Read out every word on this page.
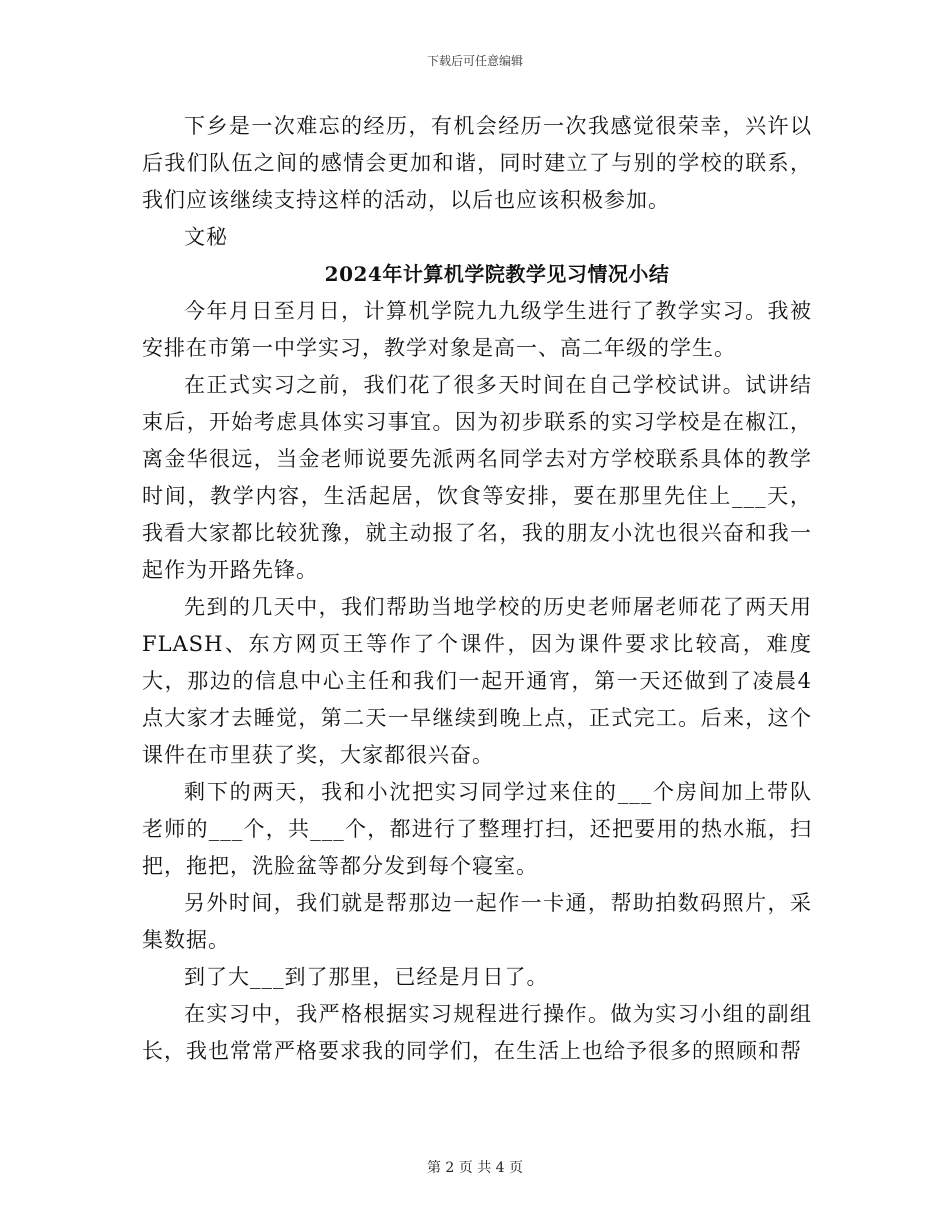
下载后可任意编辑

下乡是一次难忘的经历，有机会经历一次我感觉很荣幸，兴许以后我们队伍之间的感情会更加和谐，同时建立了与别的学校的联系，我们应该继续支持这样的活动，以后也应该积极参加。

文秘

2024年计算机学院教学见习情况小结

今年月日至月日，计算机学院九九级学生进行了教学实习。我被安排在市第一中学实习，教学对象是高一、高二年级的学生。

在正式实习之前，我们花了很多天时间在自己学校试讲。试讲结束后，开始考虑具体实习事宜。因为初步联系的实习学校是在椒江，离金华很远，当金老师说要先派两名同学去对方学校联系具体的教学时间，教学内容，生活起居，饮食等安排，要在那里先住上___天，我看大家都比较犹豫，就主动报了名，我的朋友小沈也很兴奋和我一起作为开路先锋。

先到的几天中，我们帮助当地学校的历史老师屠老师花了两天用FLASH、东方网页王等作了个课件，因为课件要求比较高，难度大，那边的信息中心主任和我们一起开通宵，第一天还做到了凌晨4点大家才去睡觉，第二天一早继续到晚上点，正式完工。后来，这个课件在市里获了奖，大家都很兴奋。

剩下的两天，我和小沈把实习同学过来住的___个房间加上带队老师的___个，共___个，都进行了整理打扫，还把要用的热水瓶，扫把，拖把，洗脸盆等都分发到每个寝室。

另外时间，我们就是帮那边一起作一卡通，帮助拍数码照片，采集数据。

到了大___到了那里，已经是月日了。

在实习中，我严格根据实习规程进行操作。做为实习小组的副组长，我也常常严格要求我的同学们，在生活上也给予很多的照顾和帮

第 2 页 共 4 页
